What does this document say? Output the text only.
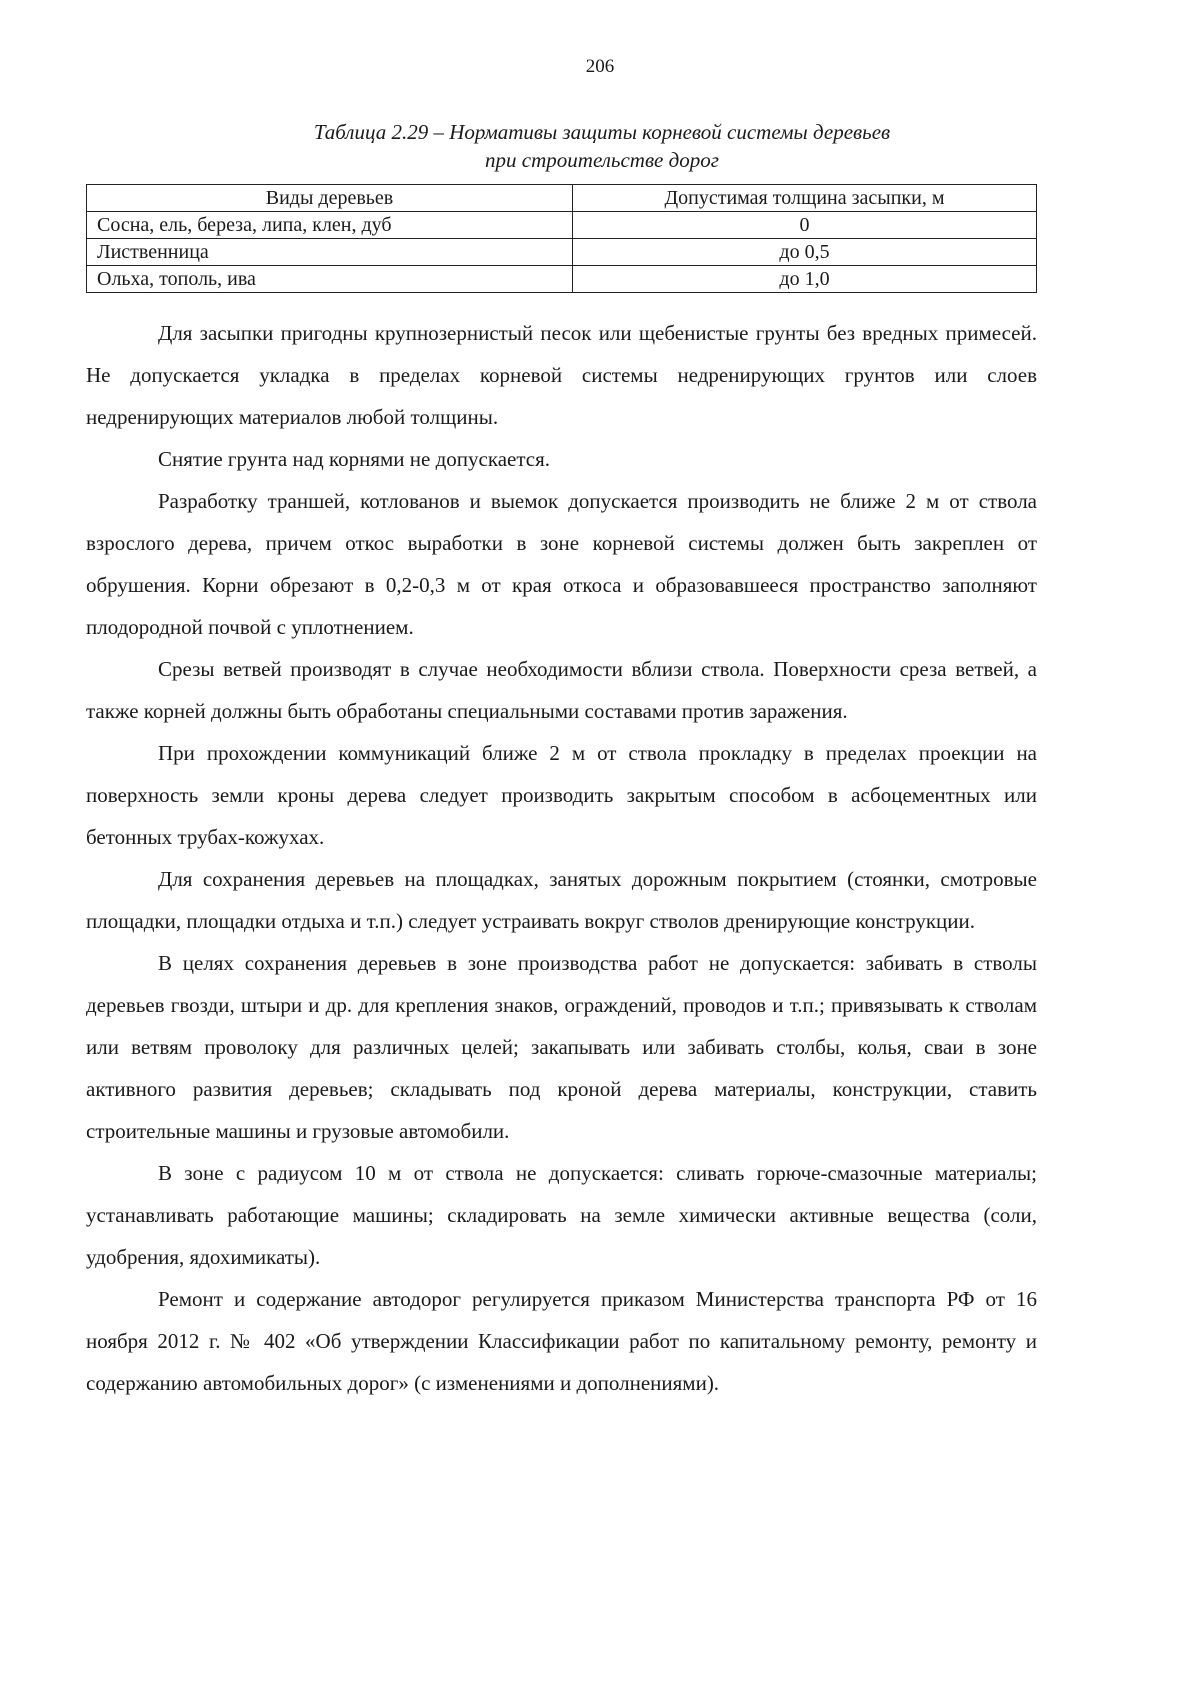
206
Таблица 2.29 – Нормативы защиты корневой системы деревьев
при строительстве дорог
Виды деревьев	Допустимая толщина засыпки, м
Сосна, ель, береза, липа, клен, дуб	0
Лиственница	до 0,5
Ольха, тополь, ива	до 1,0

Для засыпки пригодны крупнозернистый песок или щебенистые грунты без вредных примесей. Не допускается укладка в пределах корневой системы недренирующих грунтов или слоев недренирующих материалов любой толщины.

Снятие грунта над корнями не допускается.

Разработку траншей, котлованов и выемок допускается производить не ближе 2 м от ствола взрослого дерева, причем откос выработки в зоне корневой системы должен быть закреплен от обрушения. Корни обрезают в 0,2-0,3 м от края откоса и образовавшееся пространство заполняют плодородной почвой с уплотнением.

Срезы ветвей производят в случае необходимости вблизи ствола. Поверхности среза ветвей, а также корней должны быть обработаны специальными составами против заражения.

При прохождении коммуникаций ближе 2 м от ствола прокладку в пределах проекции на поверхность земли кроны дерева следует производить закрытым способом в асбоцементных или бетонных трубах-кожухах.

Для сохранения деревьев на площадках, занятых дорожным покрытием (стоянки, смотровые площадки, площадки отдыха и т.п.) следует устраивать вокруг стволов дренирующие конструкции.

В целях сохранения деревьев в зоне производства работ не допускается: забивать в стволы деревьев гвозди, штыри и др. для крепления знаков, ограждений, проводов и т.п.; привязывать к стволам или ветвям проволоку для различных целей; закапывать или забивать столбы, колья, сваи в зоне активного развития деревьев; складывать под кроной дерева материалы, конструкции, ставить строительные машины и грузовые автомобили.

В зоне с радиусом 10 м от ствола не допускается: сливать горюче-смазочные материалы; устанавливать работающие машины; складировать на земле химически активные вещества (соли, удобрения, ядохимикаты).

Ремонт и содержание автодорог регулируется приказом Министерства транспорта РФ от 16 ноября 2012 г. № 402 «Об утверждении Классификации работ по капитальному ремонту, ремонту и содержанию автомобильных дорог» (с изменениями и дополнениями).
